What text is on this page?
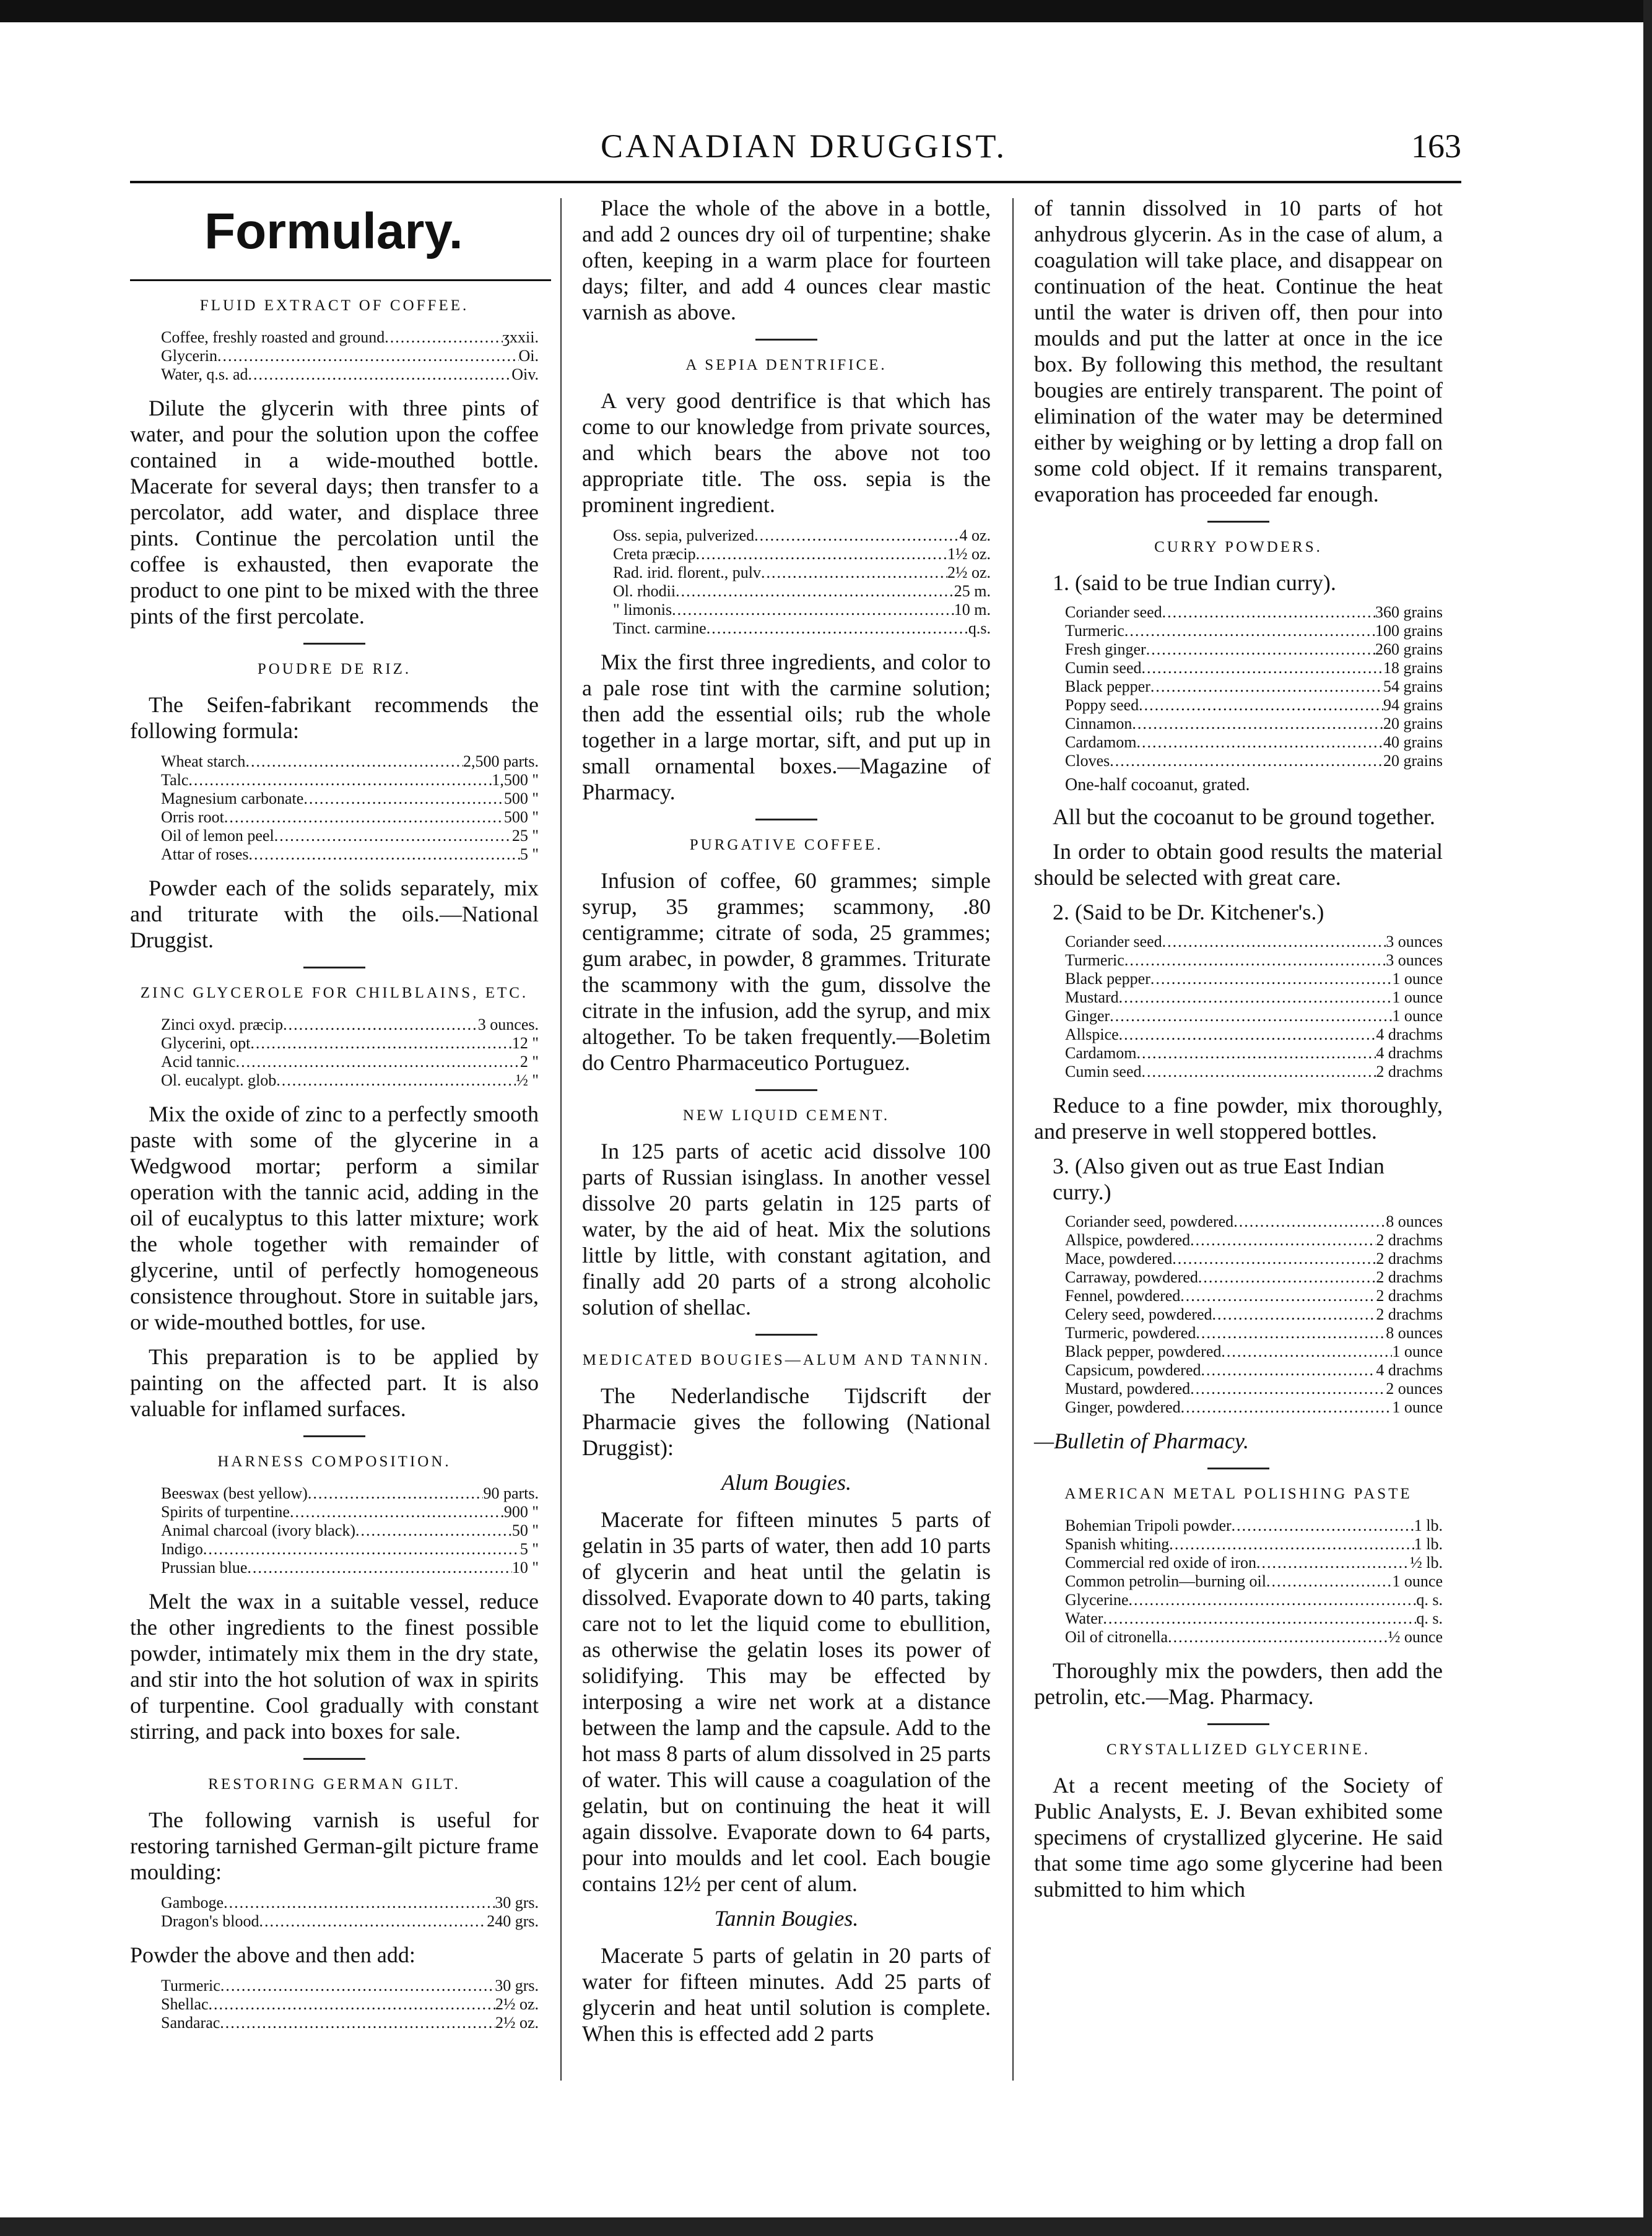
CANADIAN DRUGGIST.	163
Formulary.
FLUID EXTRACT OF COFFEE.
Coffee, freshly roasted and ground .....	ʒxxii.
Glycerin .....	Oi.
Water, q.s. ad .....	Oiv.

Dilute the glycerin with three pints of water, and pour the solution upon the coffee contained in a wide-mouthed bottle. Macerate for several days; then transfer to a percolator, add water, and displace three pints. Continue the percolation until the coffee is exhausted, then evaporate the product to one pint to be mixed with the three pints of the first percolate.

POUDRE DE RIZ.

The Seifen-fabrikant recommends the following formula:

Wheat starch .....	2,500 parts.
Talc .....	1,500 "
Magnesium carbonate .....	500 "
Orris root .....	500 "
Oil of lemon peel .....	25 "
Attar of roses .....	5 "

Powder each of the solids separately, mix and triturate with the oils.—National Druggist.

ZINC GLYCEROLE FOR CHILBLAINS, ETC.
Zinci oxyd. præcip .....	3 ounces.
Glycerini, opt .....	12 "
Acid tannic .....	2 "
Ol. eucalypt. glob .....	½ "

Mix the oxide of zinc to a perfectly smooth paste with some of the glycerine in a Wedgwood mortar; perform a similar operation with the tannic acid, adding in the oil of eucalyptus to this latter mixture; work the whole together with remainder of glycerine, until of perfectly homogeneous consistence throughout. Store in suitable jars, or wide-mouthed bottles, for use.

This preparation is to be applied by painting on the affected part. It is also valuable for inflamed surfaces.

HARNESS COMPOSITION.
Beeswax (best yellow) .....	90 parts.
Spirits of turpentine .....	900 "
Animal charcoal (ivory black) .....	50 "
Indigo .....	5 "
Prussian blue .....	10 "

Melt the wax in a suitable vessel, reduce the other ingredients to the finest possible powder, intimately mix them in the dry state, and stir into the hot solution of wax in spirits of turpentine. Cool gradually with constant stirring, and pack into boxes for sale.

RESTORING GERMAN GILT.

The following varnish is useful for restoring tarnished German-gilt picture frame moulding:

Gamboge .....	30 grs.
Dragon's blood .....	240 grs.

Powder the above and then add:

Turmeric .....	30 grs.
Shellac .....	2½ oz.
Sandarac .....	2½ oz.

Place the whole of the above in a bottle, and add 2 ounces dry oil of turpentine; shake often, keeping in a warm place for fourteen days; filter, and add 4 ounces clear mastic varnish as above.

A SEPIA DENTRIFICE.

A very good dentrifice is that which has come to our knowledge from private sources, and which bears the above not too appropriate title. The oss. sepia is the prominent ingredient.

Oss. sepia, pulverized .....	4 oz.
Creta præcip .....	1½ oz.
Rad. irid. florent., pulv .....	2½ oz.
Ol. rhodii .....	25 m.
" limonis .....	10 m.
Tinct. carmine .....	q.s.

Mix the first three ingredients, and color to a pale rose tint with the carmine solution; then add the essential oils; rub the whole together in a large mortar, sift, and put up in small ornamental boxes.—Magazine of Pharmacy.

PURGATIVE COFFEE.

Infusion of coffee, 60 grammes; simple syrup, 35 grammes; scammony, .80 centigramme; citrate of soda, 25 grammes; gum arabec, in powder, 8 grammes. Triturate the scammony with the gum, dissolve the citrate in the infusion, add the syrup, and mix altogether. To be taken frequently.—Boletim do Centro Pharmaceutico Portuguez.

NEW LIQUID CEMENT.

In 125 parts of acetic acid dissolve 100 parts of Russian isinglass. In another vessel dissolve 20 parts gelatin in 125 parts of water, by the aid of heat. Mix the solutions little by little, with constant agitation, and finally add 20 parts of a strong alcoholic solution of shellac.

MEDICATED BOUGIES—ALUM AND TANNIN.

The Nederlandische Tijdscrift der Pharmacie gives the following (National Druggist):

Alum Bougies.

Macerate for fifteen minutes 5 parts of gelatin in 35 parts of water, then add 10 parts of glycerin and heat until the gelatin is dissolved. Evaporate down to 40 parts, taking care not to let the liquid come to ebullition, as otherwise the gelatin loses its power of solidifying. This may be effected by interposing a wire net work at a distance between the lamp and the capsule. Add to the hot mass 8 parts of alum dissolved in 25 parts of water. This will cause a coagulation of the gelatin, but on continuing the heat it will again dissolve. Evaporate down to 64 parts, pour into moulds and let cool. Each bougie contains 12½ per cent of alum.

Tannin Bougies.

Macerate 5 parts of gelatin in 20 parts of water for fifteen minutes. Add 25 parts of glycerin and heat until solution is complete. When this is effected add 2 parts

of tannin dissolved in 10 parts of hot anhydrous glycerin. As in the case of alum, a coagulation will take place, and disappear on continuation of the heat. Continue the heat until the water is driven off, then pour into moulds and put the latter at once in the ice box. By following this method, the resultant bougies are entirely transparent. The point of elimination of the water may be determined either by weighing or by letting a drop fall on some cold object. If it remains transparent, evaporation has proceeded far enough.

CURRY POWDERS.
1. (said to be true Indian curry).
Coriander seed .....	360 grains
Turmeric .....	100 grains
Fresh ginger .....	260 grains
Cumin seed .....	18 grains
Black pepper .....	54 grains
Poppy seed .....	94 grains
Cinnamon .....	20 grains
Cardamom .....	40 grains
Cloves .....	20 grains
One-half cocoanut, grated.

All but the cocoanut to be ground together.

In order to obtain good results the material should be selected with great care.

2. (Said to be Dr. Kitchener's.)
Coriander seed .....	3 ounces
Turmeric .....	3 ounces
Black pepper .....	1 ounce
Mustard .....	1 ounce
Ginger .....	1 ounce
Allspice .....	4 drachms
Cardamom .....	4 drachms
Cumin seed .....	2 drachms

Reduce to a fine powder, mix thoroughly, and preserve in well stoppered bottles.

3. (Also given out as true East Indian curry.)
Coriander seed, powdered .....	8 ounces
Allspice, powdered .....	2 drachms
Mace, powdered .....	2 drachms
Carraway, powdered .....	2 drachms
Fennel, powdered .....	2 drachms
Celery seed, powdered .....	2 drachms
Turmeric, powdered .....	8 ounces
Black pepper, powdered .....	1 ounce
Capsicum, powdered .....	4 drachms
Mustard, powdered .....	2 ounces
Ginger, powdered .....	1 ounce

—Bulletin of Pharmacy.

AMERICAN METAL POLISHING PASTE
Bohemian Tripoli powder .....	1 lb.
Spanish whiting .....	1 lb.
Commercial red oxide of iron .....	½ lb.
Common petrolin—burning oil .....	1 ounce
Glycerine .....	q. s.
Water .....	q. s.
Oil of citronella .....	½ ounce

Thoroughly mix the powders, then add the petrolin, etc.—Mag. Pharmacy.

CRYSTALLIZED GLYCERINE.

At a recent meeting of the Society of Public Analysts, E. J. Bevan exhibited some specimens of crystallized glycerine. He said that some time ago some glycerine had been submitted to him which
